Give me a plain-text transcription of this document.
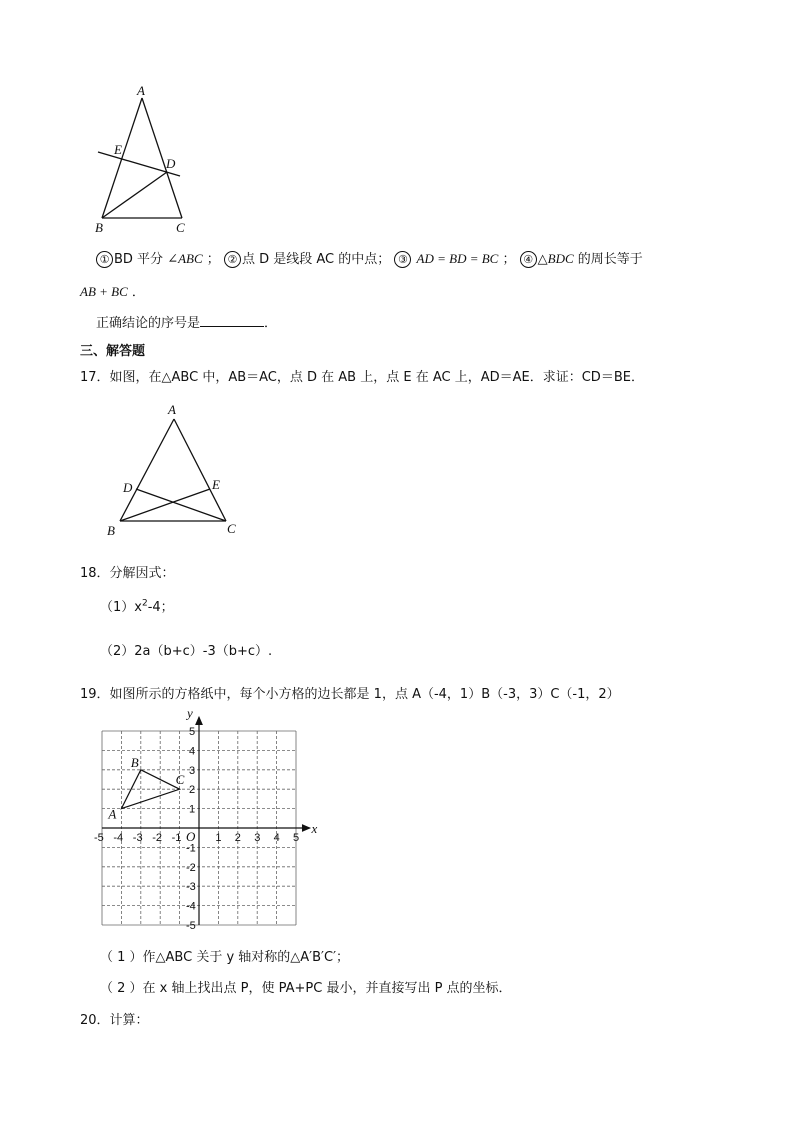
A
E
D
B	C
① BD 平分 ∠ABC ； ② 点 D 是线段 AC 的中点； ③ AD = BD = BC ； ④ △BDC 的周长等于
AB + BC ．
正确结论的序号是	．
三、解答题
17．如图，在△ABC 中，AB＝AC，点 D 在 AB 上，点 E 在 AC 上，AD＝AE．求证：CD＝BE．
A
D	E
B	C
18．分解因式：
$(1)x^2-4$；
（2）2a（b+c）-3（b+c）.
19．如图所示的方格纸中，每个小方格的边长都是 1，点 A（-4，1）B（-3，3）C（-1，2）
-5 -4 -3 -2 -1	1 2 3 4 5
5
4
3
2
1
-1
-2
-3
-4
-5
x
y
O
A
B
C
（ 1 ）作△ABC 关于 y 轴对称的△A′B′C′；
（ 2 ）在 x 轴上找出点 P，使 PA+PC 最小，并直接写出 P 点的坐标．
20．计算：
